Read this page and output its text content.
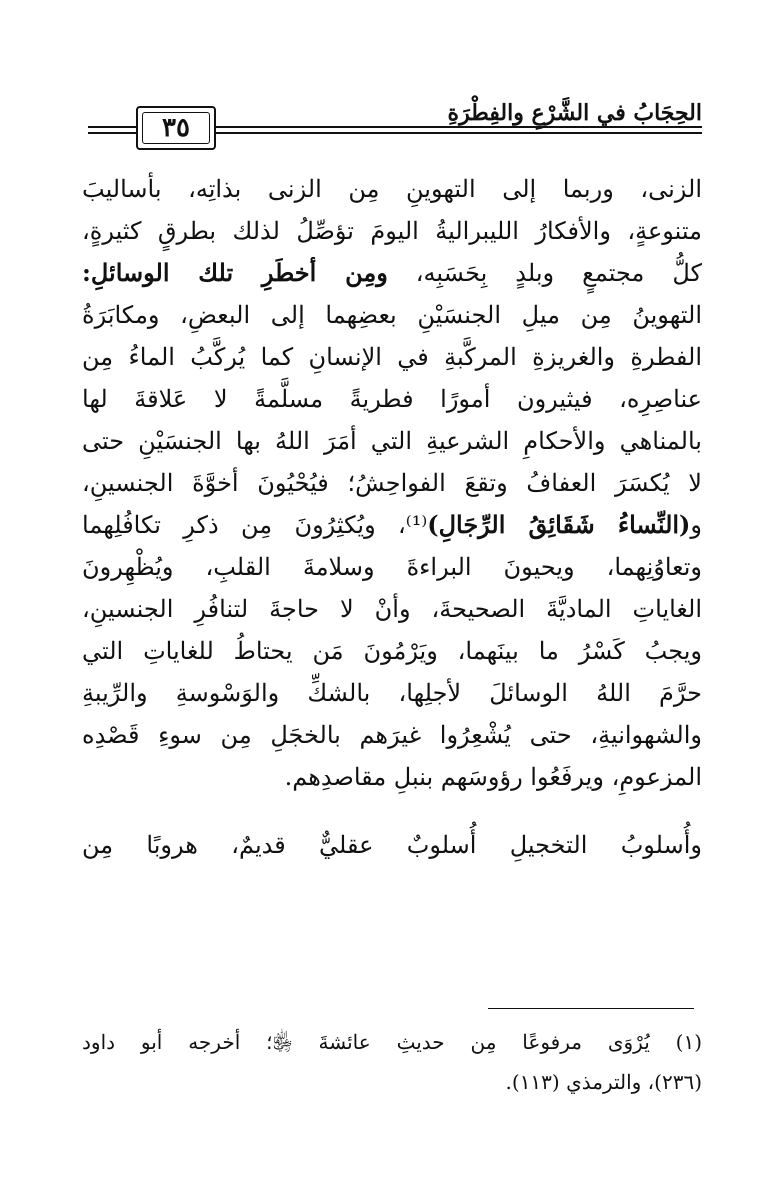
الحِجَابُ في الشَّرْعِ والفِطْرَةِ
٣٥
الزنى، وربما إلى التهوينِ مِن الزنى بذاتِه، بأساليبَ
متنوعةٍ، والأفكارُ الليبراليةُ اليومَ تؤصِّلُ لذلك بطرقٍ كثيرةٍ،
كلُّ مجتمعٍ وبلدٍ بِحَسَبِه، ومِن أخطَرِ تلك الوسائلِ:
التهوينُ مِن ميلِ الجنسَيْنِ بعضِهما إلى البعضِ، ومكابَرَةُ
الفطرةِ والغريزةِ المركَّبةِ في الإنسانِ كما يُركَّبُ الماءُ مِن
عناصِرِه، فيثيرون أمورًا فطريةً مسلَّمةً لا عَلاقةَ لها
بالمناهي والأحكامِ الشرعيةِ التي أمَرَ اللهُ بها الجنسَيْنِ حتى
لا يُكسَرَ العفافُ وتقعَ الفواحِشُ؛ فيُحْيُونَ أخوَّةَ الجنسينِ،
و(النِّساءُ شَقَائِقُ الرِّجَالِ)⁽¹⁾، ويُكثِرُونَ مِن ذكرِ تكافُلِهما
وتعاوُنِهما، ويحيونَ البراءةَ وسلامةَ القلبِ، ويُظْهِرونَ
الغاياتِ الماديَّةَ الصحيحةَ، وأنْ لا حاجةَ لتنافُرِ الجنسينِ،
ويجبُ كَسْرُ ما بينَهما، ويَرْمُونَ مَن يحتاطُ للغاياتِ التي
حرَّمَ اللهُ الوسائلَ لأجلِها، بالشكِّ والوَسْوسةِ والرِّيبةِ
والشهوانيةِ، حتى يُشْعِرُوا غيرَهم بالخجَلِ مِن سوءِ قَصْدِه
المزعومِ، ويرفَعُوا رؤوسَهم بنبلِ مقاصدِهم.
وأُسلوبُ التخجيلِ أُسلوبٌ عقليٌّ قديمٌ، هروبًا مِن
(١) يُرْوَى مرفوعًا مِن حديثِ عائشةَ ﵂؛ أخرجه أبو داود
(٢٣٦)، والترمذي (١١٣).
